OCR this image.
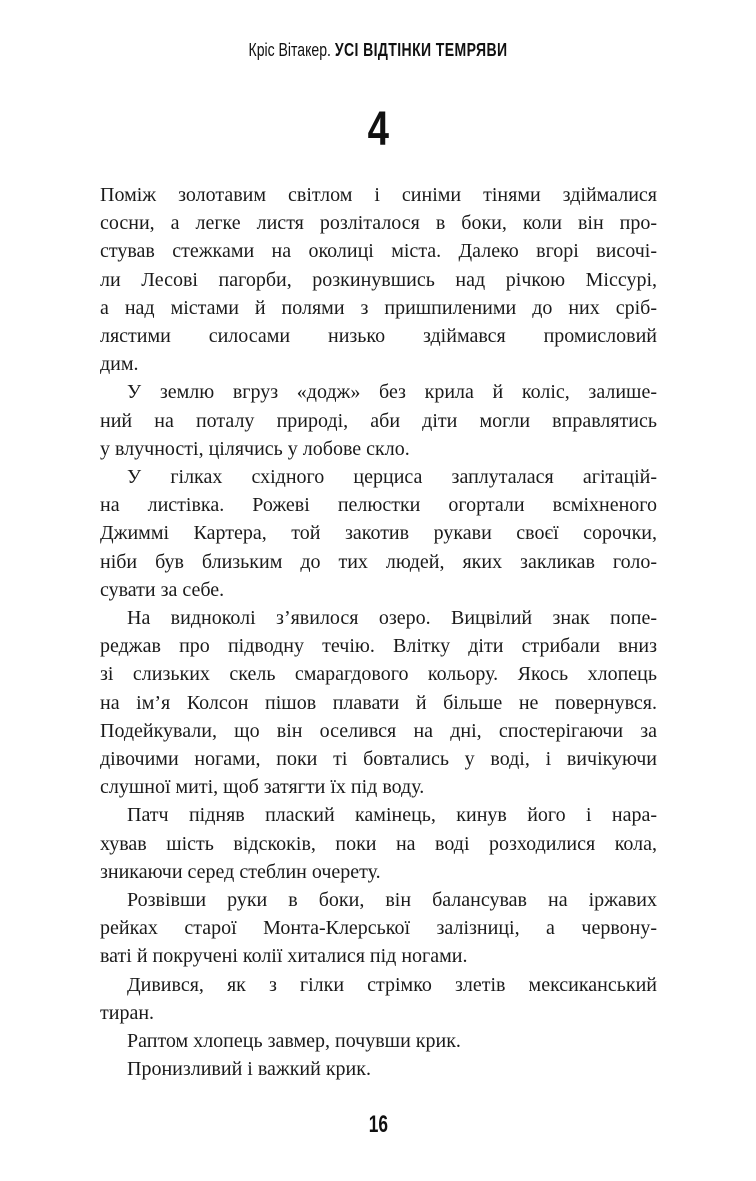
Кріс Вітакер. УСІ ВІДТІНКИ ТЕМРЯВИ
4
Поміж золотавим світлом і синіми тінями здіймалися
сосни, а легке листя розліталося в боки, коли він про-
стував стежками на околиці міста. Далеко вгорі височі-
ли Лесові пагорби, розкинувшись над річкою Міссурі,
а над містами й полями з пришпиленими до них сріб-
лястими силосами низько здіймався промисловий
дим.
У землю вгруз «додж» без крила й коліс, залише-
ний на поталу природі, аби діти могли вправлятись
у влучності, цілячись у лобове скло.
У гілках східного церциса заплуталася агітацій-
на листівка. Рожеві пелюстки огортали всміхненого
Джиммі Картера, той закотив рукави своєї сорочки,
ніби був близьким до тих людей, яких закликав голо-
сувати за себе.
На видноколі з’явилося озеро. Вицвілий знак попе-
реджав про підводну течію. Влітку діти стрибали вниз
зі слизьких скель смарагдового кольору. Якось хлопець
на ім’я Колсон пішов плавати й більше не повернувся.
Подейкували, що він оселився на дні, спостерігаючи за
дівочими ногами, поки ті бовтались у воді, і вичікуючи
слушної миті, щоб затягти їх під воду.
Патч підняв плаский камінець, кинув його і нара-
хував шість відскоків, поки на воді розходилися кола,
зникаючи серед стеблин очерету.
Розвівши руки в боки, він балансував на іржавих
рейках старої Монта-Клерської залізниці, а червону-
ваті й покручені колії хиталися під ногами.
Дивився, як з гілки стрімко злетів мексиканський
тиран.
Раптом хлопець завмер, почувши крик.
Пронизливий і важкий крик.
16
